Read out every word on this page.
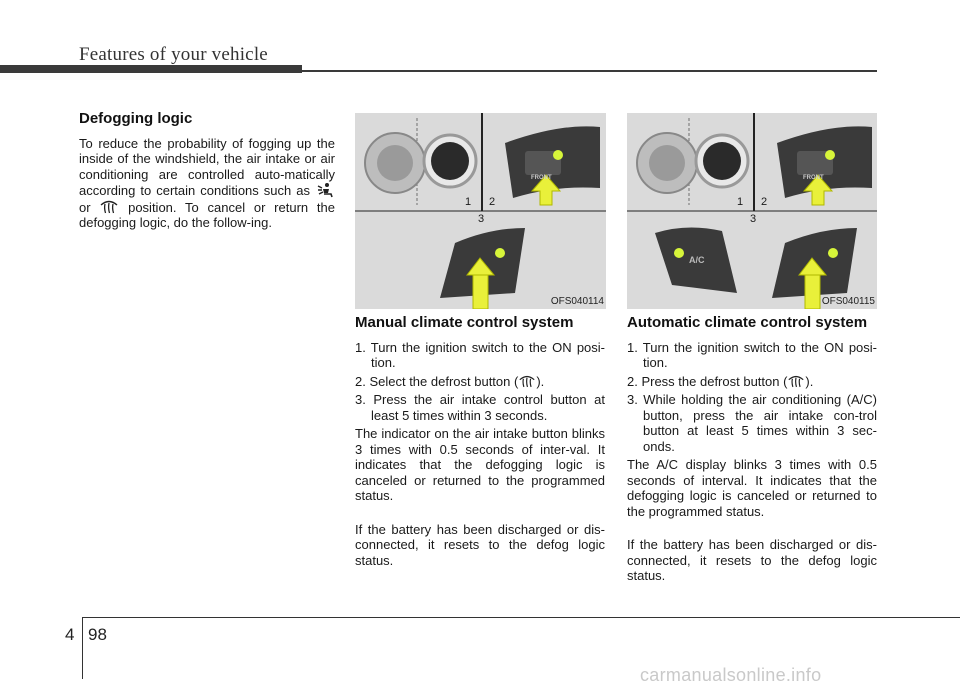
Features of your vehicle
Defogging logic

To reduce the probability of fogging up the inside of the windshield, the air intake or air conditioning are controlled auto-matically according to certain conditions such as  or	position. To cancel or return the defogging logic, do the follow-ing.

1 2
3
FRONT
OFS040114
1 2
3
FRONT
A/C
OFS040115
Manual climate control system
1. Turn the ignition switch to the ON posi-tion.
2. Select the defrost button ( ).
3. Press the air intake control button at least 5 times within 3 seconds.

The indicator on the air intake button blinks 3 times with 0.5 seconds of inter-val. It indicates that the defogging logic is canceled or returned to the programmed status.

If the battery has been discharged or dis-connected, it resets to the defog logic status.

Automatic climate control system
1. Turn the ignition switch to the ON posi-tion.
2. Press the defrost button ( ).
3. While holding the air conditioning (A/C) button, press the air intake con-trol button at least 5 times within 3 sec-onds.

The A/C display blinks 3 times with 0.5 seconds of interval. It indicates that the defogging logic is canceled or returned to the programmed status.

If the battery has been discharged or dis-connected, it resets to the defog logic status.

4 98
carmanualsonline.info
